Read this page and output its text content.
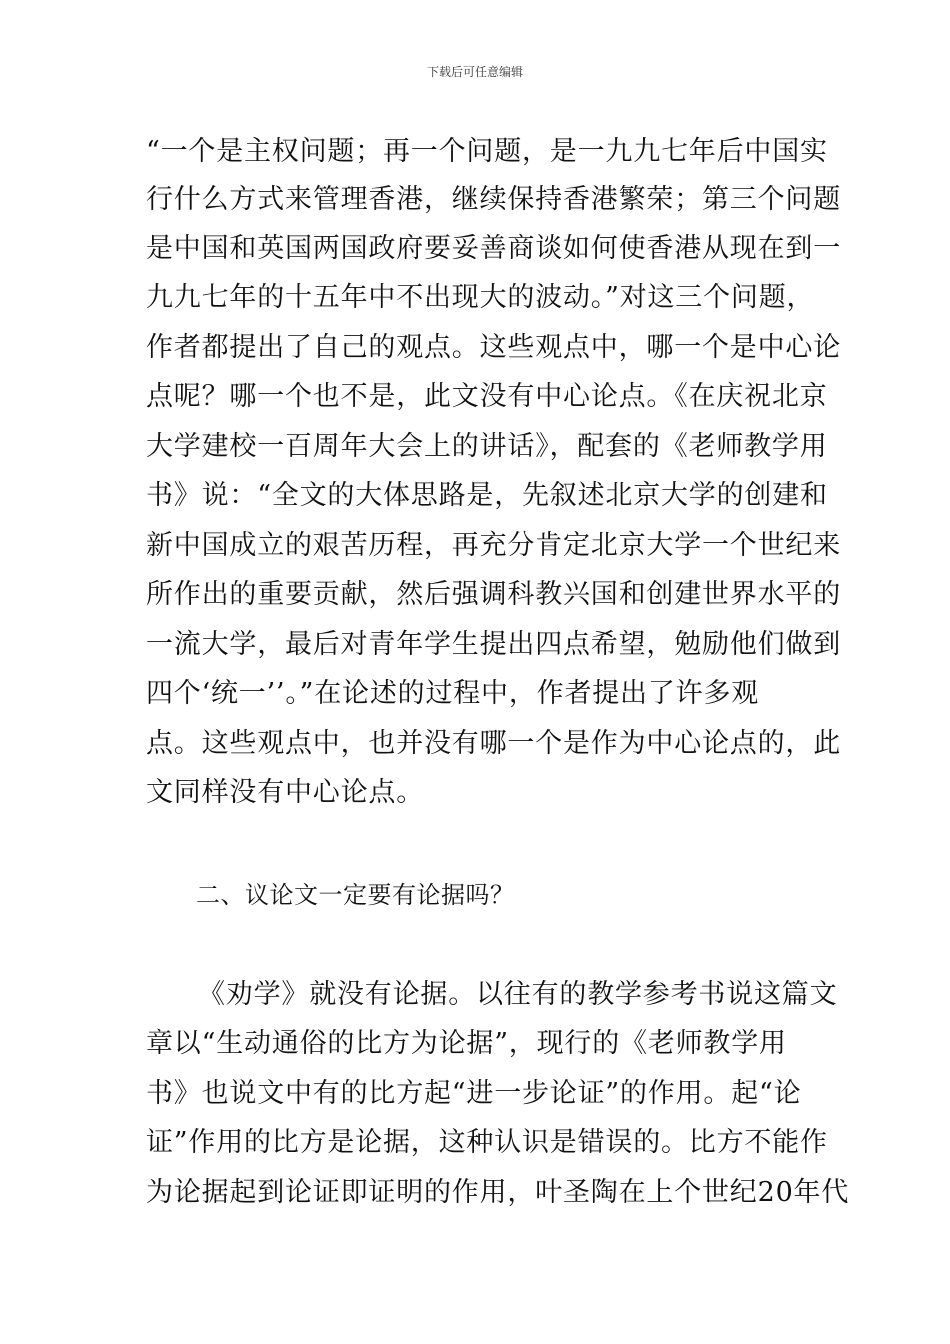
下载后可任意编辑
“一个是主权问题；再一个问题，是一九九七年后中国实
行什么方式来管理香港，继续保持香港繁荣；第三个问题
是中国和英国两国政府要妥善商谈如何使香港从现在到一
九九七年的十五年中不出现大的波动。”对这三个问题，
作者都提出了自己的观点。这些观点中，哪一个是中心论
点呢？哪一个也不是，此文没有中心论点。《在庆祝北京
大学建校一百周年大会上的讲话》，配套的《老师教学用
书》说：“全文的大体思路是，先叙述北京大学的创建和
新中国成立的艰苦历程，再充分肯定北京大学一个世纪来
所作出的重要贡献，然后强调科教兴国和创建世界水平的
一流大学，最后对青年学生提出四点希望，勉励他们做到
四个‘统一’’。”在论述的过程中，作者提出了许多观
点。这些观点中，也并没有哪一个是作为中心论点的，此
文同样没有中心论点。
二、议论文一定要有论据吗？
《劝学》就没有论据。以往有的教学参考书说这篇文
章以“生动通俗的比方为论据”，现行的《老师教学用
书》也说文中有的比方起“进一步论证”的作用。起“论
证”作用的比方是论据，这种认识是错误的。比方不能作
为论据起到论证即证明的作用，叶圣陶在上个世纪20年代
